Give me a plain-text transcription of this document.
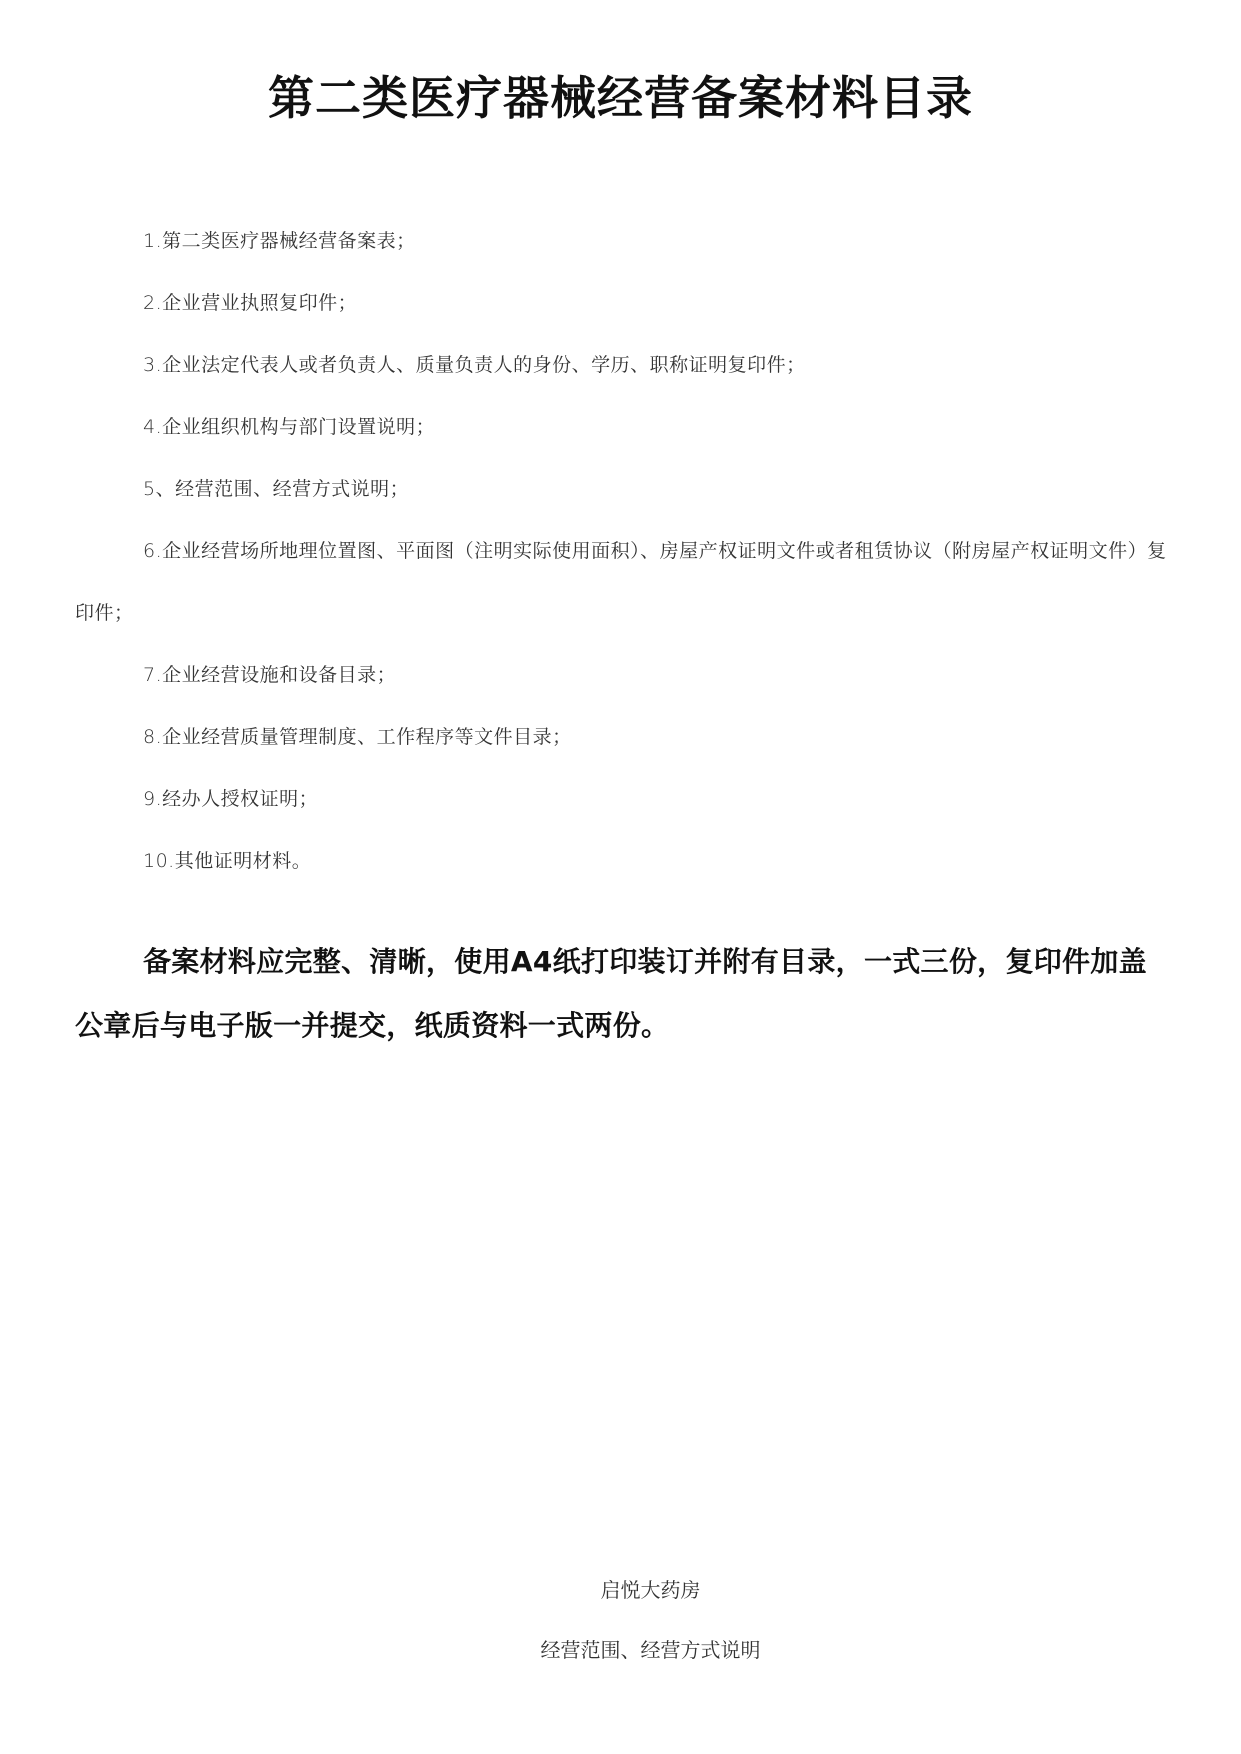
第二类医疗器械经营备案材料目录
1.第二类医疗器械经营备案表；
2.企业营业执照复印件；
3.企业法定代表人或者负责人、质量负责人的身份、学历、职称证明复印件；
4.企业组织机构与部门设置说明；
5、经营范围、经营方式说明；
6.企业经营场所地理位置图、平面图（注明实际使用面积）、房屋产权证明文件或者租赁协议（附房屋产权证明文件）复印件；
7.企业经营设施和设备目录；
8.企业经营质量管理制度、工作程序等文件目录；
9.经办人授权证明；
10.其他证明材料。
备案材料应完整、清晰，使用A4纸打印装订并附有目录，一式三份，复印件加盖公章后与电子版一并提交，纸质资料一式两份。
启悦大药房
经营范围、经营方式说明
